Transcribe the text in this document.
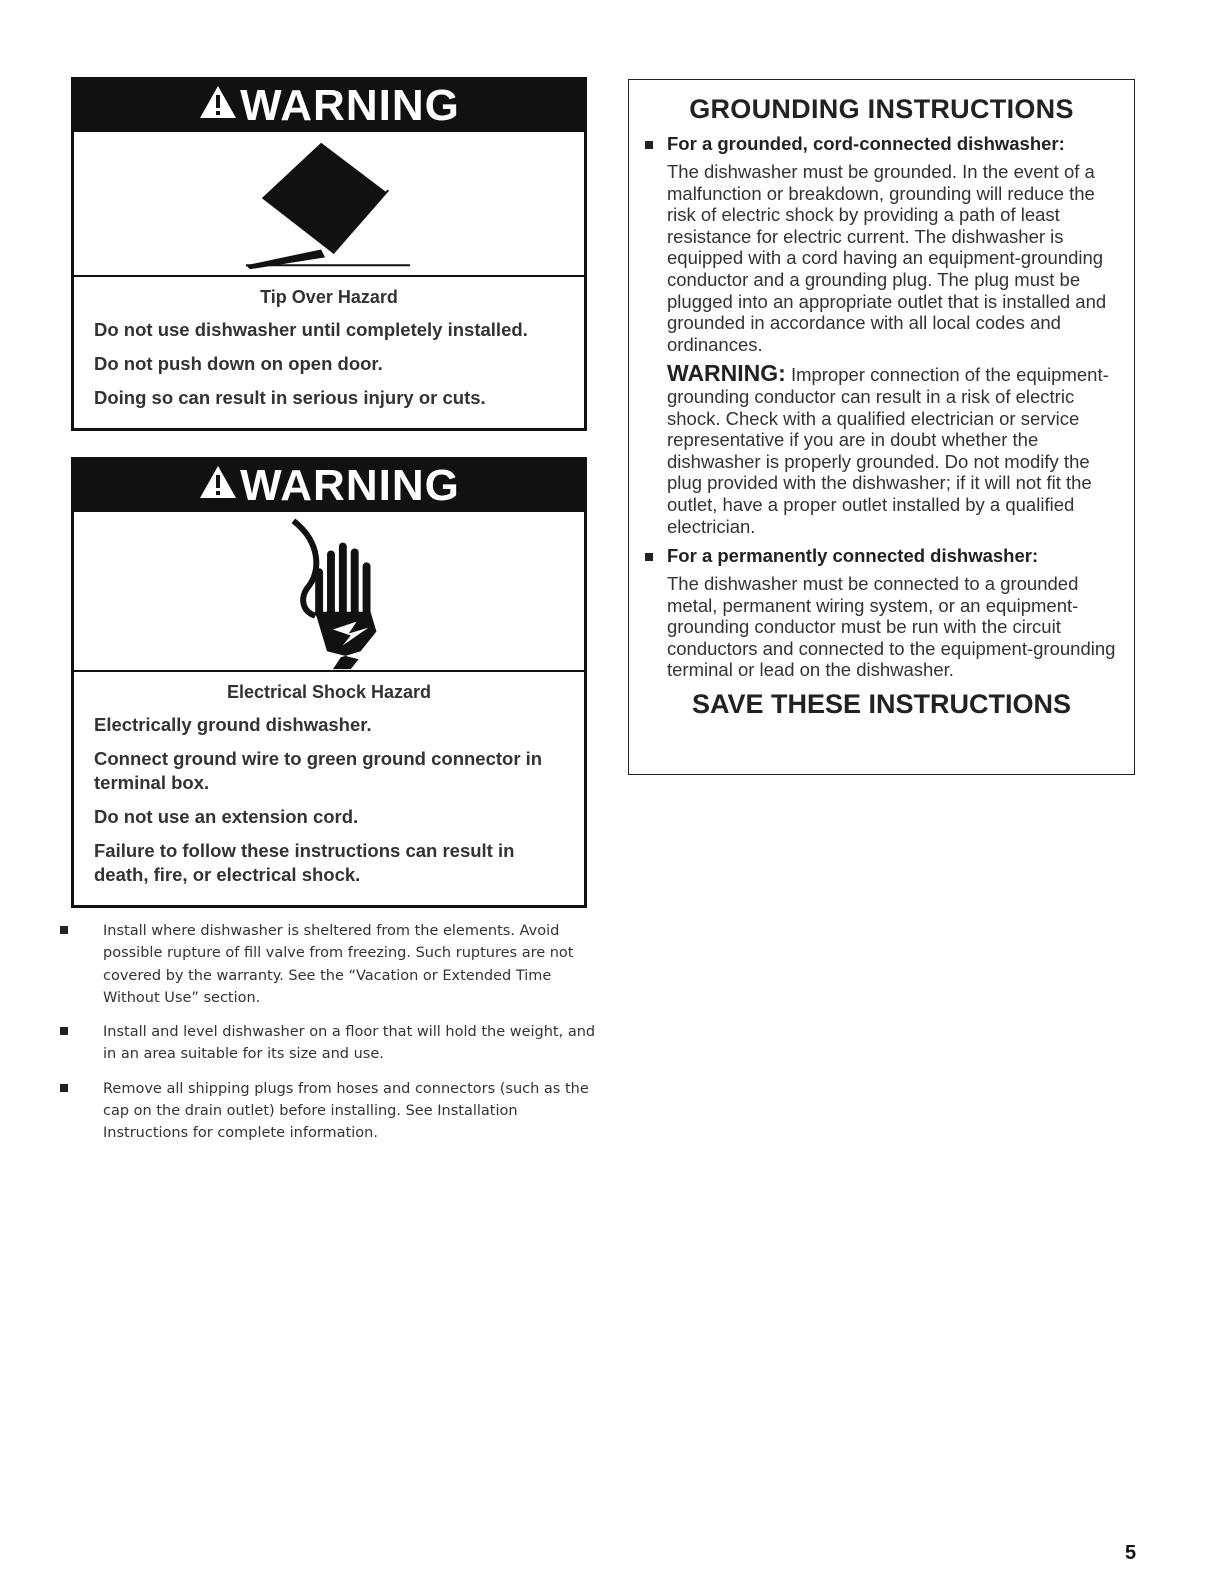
WARNING
Tip Over Hazard
Do not use dishwasher until completely installed.
Do not push down on open door.
Doing so can result in serious injury or cuts.
WARNING
Electrical Shock Hazard
Electrically ground dishwasher.
Connect ground wire to green ground connector in terminal box.
Do not use an extension cord.
Failure to follow these instructions can result in death, fire, or electrical shock.
GROUNDING INSTRUCTIONS
For a grounded, cord-connected dishwasher:
The dishwasher must be grounded. In the event of a malfunction or breakdown, grounding will reduce the risk of electric shock by providing a path of least resistance for electric current. The dishwasher is equipped with a cord having an equipment-grounding conductor and a grounding plug. The plug must be plugged into an appropriate outlet that is installed and grounded in accordance with all local codes and ordinances.
WARNING: Improper connection of the equipment-grounding conductor can result in a risk of electric shock. Check with a qualified electrician or service representative if you are in doubt whether the dishwasher is properly grounded. Do not modify the plug provided with the dishwasher; if it will not fit the outlet, have a proper outlet installed by a qualified electrician.
For a permanently connected dishwasher:
The dishwasher must be connected to a grounded metal, permanent wiring system, or an equipment-grounding conductor must be run with the circuit conductors and connected to the equipment-grounding terminal or lead on the dishwasher.
SAVE THESE INSTRUCTIONS
Install where dishwasher is sheltered from the elements. Avoid possible rupture of fill valve from freezing. Such ruptures are not covered by the warranty. See the “Vacation or Extended Time Without Use” section.
Install and level dishwasher on a floor that will hold the weight, and in an area suitable for its size and use.
Remove all shipping plugs from hoses and connectors (such as the cap on the drain outlet) before installing. See Installation Instructions for complete information.
5
